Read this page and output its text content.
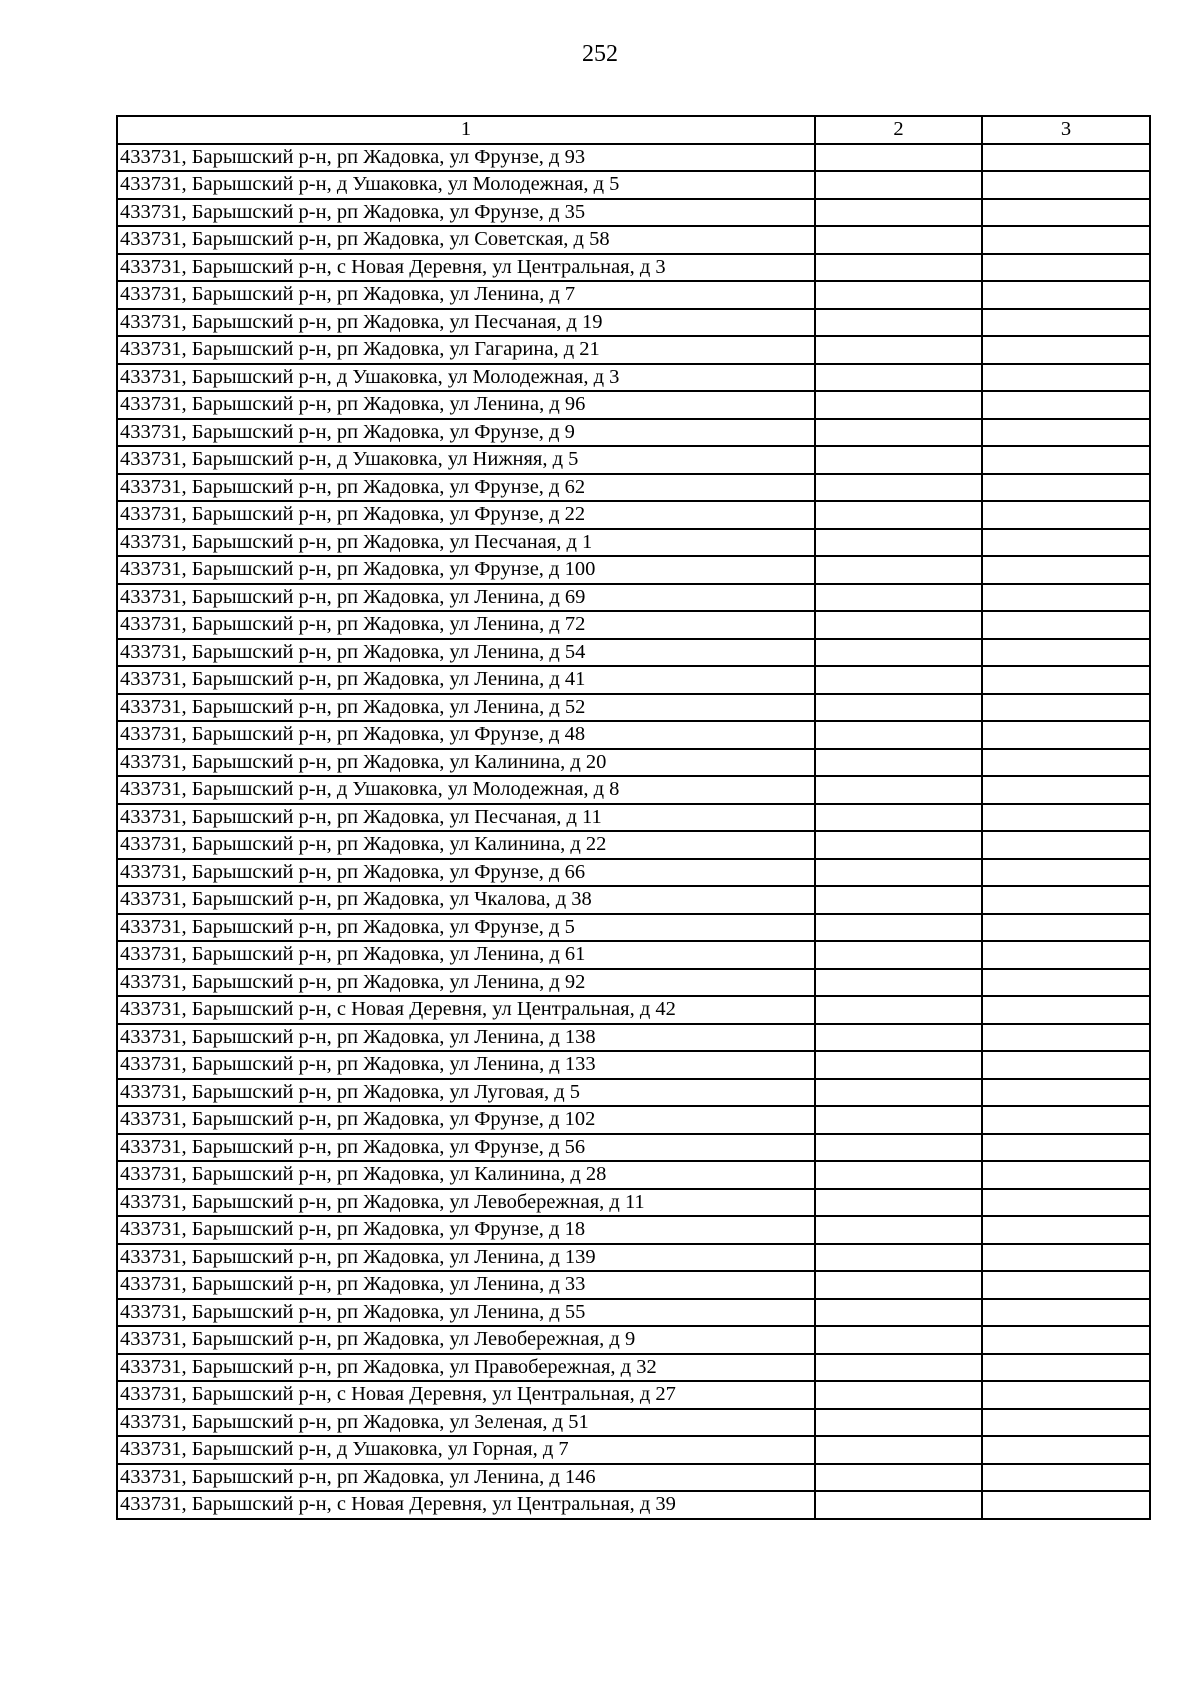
252
1	2	3
433731, Барышский р-н, рп Жадовка, ул Фрунзе, д 93		
433731, Барышский р-н, д Ушаковка, ул Молодежная, д 5		
433731, Барышский р-н, рп Жадовка, ул Фрунзе, д 35		
433731, Барышский р-н, рп Жадовка, ул Советская, д 58		
433731, Барышский р-н, с Новая Деревня, ул Центральная, д 3		
433731, Барышский р-н, рп Жадовка, ул Ленина, д 7		
433731, Барышский р-н, рп Жадовка, ул Песчаная, д 19		
433731, Барышский р-н, рп Жадовка, ул Гагарина, д 21		
433731, Барышский р-н, д Ушаковка, ул Молодежная, д 3		
433731, Барышский р-н, рп Жадовка, ул Ленина, д 96		
433731, Барышский р-н, рп Жадовка, ул Фрунзе, д 9		
433731, Барышский р-н, д Ушаковка, ул Нижняя, д 5		
433731, Барышский р-н, рп Жадовка, ул Фрунзе, д 62		
433731, Барышский р-н, рп Жадовка, ул Фрунзе, д 22		
433731, Барышский р-н, рп Жадовка, ул Песчаная, д 1		
433731, Барышский р-н, рп Жадовка, ул Фрунзе, д 100		
433731, Барышский р-н, рп Жадовка, ул Ленина, д 69		
433731, Барышский р-н, рп Жадовка, ул Ленина, д 72		
433731, Барышский р-н, рп Жадовка, ул Ленина, д 54		
433731, Барышский р-н, рп Жадовка, ул Ленина, д 41		
433731, Барышский р-н, рп Жадовка, ул Ленина, д 52		
433731, Барышский р-н, рп Жадовка, ул Фрунзе, д 48		
433731, Барышский р-н, рп Жадовка, ул Калинина, д 20		
433731, Барышский р-н, д Ушаковка, ул Молодежная, д 8		
433731, Барышский р-н, рп Жадовка, ул Песчаная, д 11		
433731, Барышский р-н, рп Жадовка, ул Калинина, д 22		
433731, Барышский р-н, рп Жадовка, ул Фрунзе, д 66		
433731, Барышский р-н, рп Жадовка, ул Чкалова, д 38		
433731, Барышский р-н, рп Жадовка, ул Фрунзе, д 5		
433731, Барышский р-н, рп Жадовка, ул Ленина, д 61		
433731, Барышский р-н, рп Жадовка, ул Ленина, д 92		
433731, Барышский р-н, с Новая Деревня, ул Центральная, д 42		
433731, Барышский р-н, рп Жадовка, ул Ленина, д 138		
433731, Барышский р-н, рп Жадовка, ул Ленина, д 133		
433731, Барышский р-н, рп Жадовка, ул Луговая, д 5		
433731, Барышский р-н, рп Жадовка, ул Фрунзе, д 102		
433731, Барышский р-н, рп Жадовка, ул Фрунзе, д 56		
433731, Барышский р-н, рп Жадовка, ул Калинина, д 28		
433731, Барышский р-н, рп Жадовка, ул Левобережная, д 11		
433731, Барышский р-н, рп Жадовка, ул Фрунзе, д 18		
433731, Барышский р-н, рп Жадовка, ул Ленина, д 139		
433731, Барышский р-н, рп Жадовка, ул Ленина, д 33		
433731, Барышский р-н, рп Жадовка, ул Ленина, д 55		
433731, Барышский р-н, рп Жадовка, ул Левобережная, д 9		
433731, Барышский р-н, рп Жадовка, ул Правобережная, д 32		
433731, Барышский р-н, с Новая Деревня, ул Центральная, д 27		
433731, Барышский р-н, рп Жадовка, ул Зеленая, д 51		
433731, Барышский р-н, д Ушаковка, ул Горная, д 7		
433731, Барышский р-н, рп Жадовка, ул Ленина, д 146		
433731, Барышский р-н, с Новая Деревня, ул Центральная, д 39		
